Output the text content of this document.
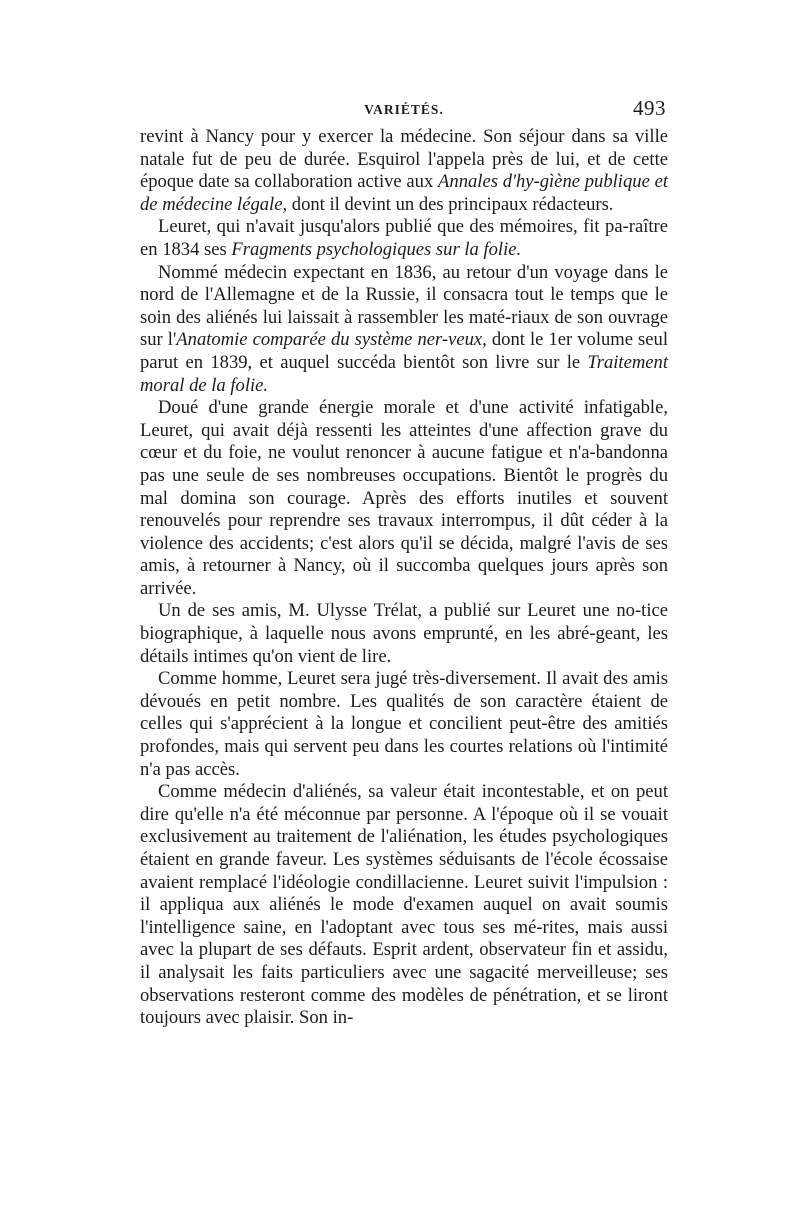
VARIÉTÉS.	493

revint à Nancy pour y exercer la médecine. Son séjour dans sa ville natale fut de peu de durée. Esquirol l'appela près de lui, et de cette époque date sa collaboration active aux Annales d'hy-gìène publique et de médecine légale, dont il devint un des principaux rédacteurs.

Leuret, qui n'avait jusqu'alors publié que des mémoires, fit pa-raître en 1834 ses Fragments psychologiques sur la folie.

Nommé médecin expectant en 1836, au retour d'un voyage dans le nord de l'Allemagne et de la Russie, il consacra tout le temps que le soin des aliénés lui laissait à rassembler les maté-riaux de son ouvrage sur l'Anatomie comparée du système ner-veux, dont le 1er volume seul parut en 1839, et auquel succéda bientôt son livre sur le Traitement moral de la folie.

Doué d'une grande énergie morale et d'une activité infatigable, Leuret, qui avait déjà ressenti les atteintes d'une affection grave du cœur et du foie, ne voulut renoncer à aucune fatigue et n'a-bandonna pas une seule de ses nombreuses occupations. Bientôt le progrès du mal domina son courage. Après des efforts inutiles et souvent renouvelés pour reprendre ses travaux interrompus, il dût céder à la violence des accidents; c'est alors qu'il se décida, malgré l'avis de ses amis, à retourner à Nancy, où il succomba quelques jours après son arrivée.

Un de ses amis, M. Ulysse Trélat, a publié sur Leuret une no-tice biographique, à laquelle nous avons emprunté, en les abré-geant, les détails intimes qu'on vient de lire.

Comme homme, Leuret sera jugé très-diversement. Il avait des amis dévoués en petit nombre. Les qualités de son caractère étaient de celles qui s'apprécient à la longue et concilient peut-être des amitiés profondes, mais qui servent peu dans les courtes relations où l'intimité n'a pas accès.

Comme médecin d'aliénés, sa valeur était incontestable, et on peut dire qu'elle n'a été méconnue par personne. A l'époque où il se vouait exclusivement au traitement de l'aliénation, les études psychologiques étaient en grande faveur. Les systèmes séduisants de l'école écossaise avaient remplacé l'idéologie condillacienne. Leuret suivit l'impulsion : il appliqua aux aliénés le mode d'examen auquel on avait soumis l'intelligence saine, en l'adoptant avec tous ses mé-rites, mais aussi avec la plupart de ses défauts. Esprit ardent, observateur fin et assidu, il analysait les faits particuliers avec une sagacité merveilleuse; ses observations resteront comme des modèles de pénétration, et se liront toujours avec plaisir. Son in-
